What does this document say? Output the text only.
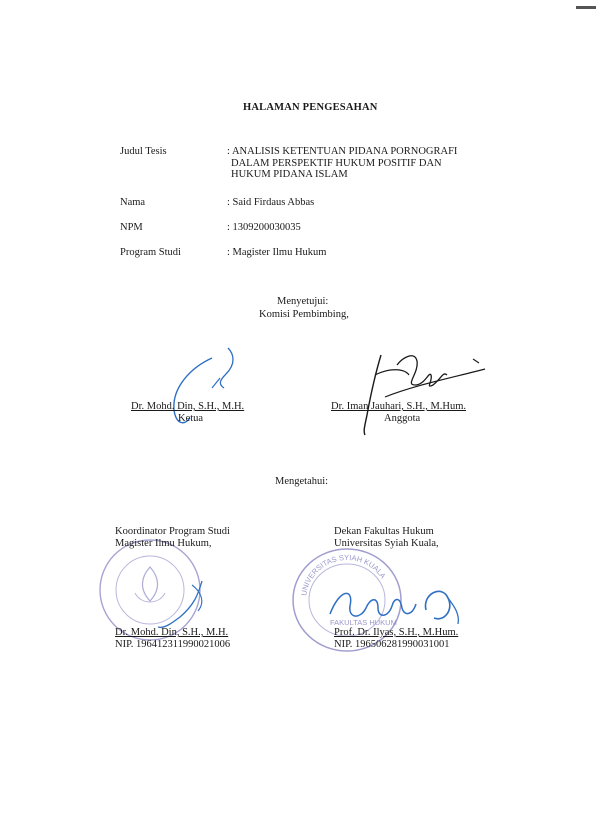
HALAMAN PENGESAHAN
Judul Tesis	: ANALISIS KETENTUAN PIDANA PORNOGRAFI
DALAM PERSPEKTIF HUKUM POSITIF DAN
HUKUM PIDANA ISLAM
Nama	: Said Firdaus Abbas
NPM	: 1309200030035
Program Studi	: Magister Ilmu Hukum
Menyetujui:
Komisi Pembimbing,
Dr. Mohd. Din, S.H., M.H.
Ketua
Dr. Iman Jauhari, S.H., M.Hum.
Anggota
Mengetahui:
Koordinator Program Studi
Magister Ilmu Hukum,
Dr. Mohd. Din, S.H., M.H.
NIP. 196412311990021006
UNIVERSITAS SYIAH KUALA
FAKULTAS HUKUM
Dekan Fakultas Hukum
Universitas Syiah Kuala,
Prof. Dr. Ilyas, S.H., M.Hum.
NIP. 196506281990031001
